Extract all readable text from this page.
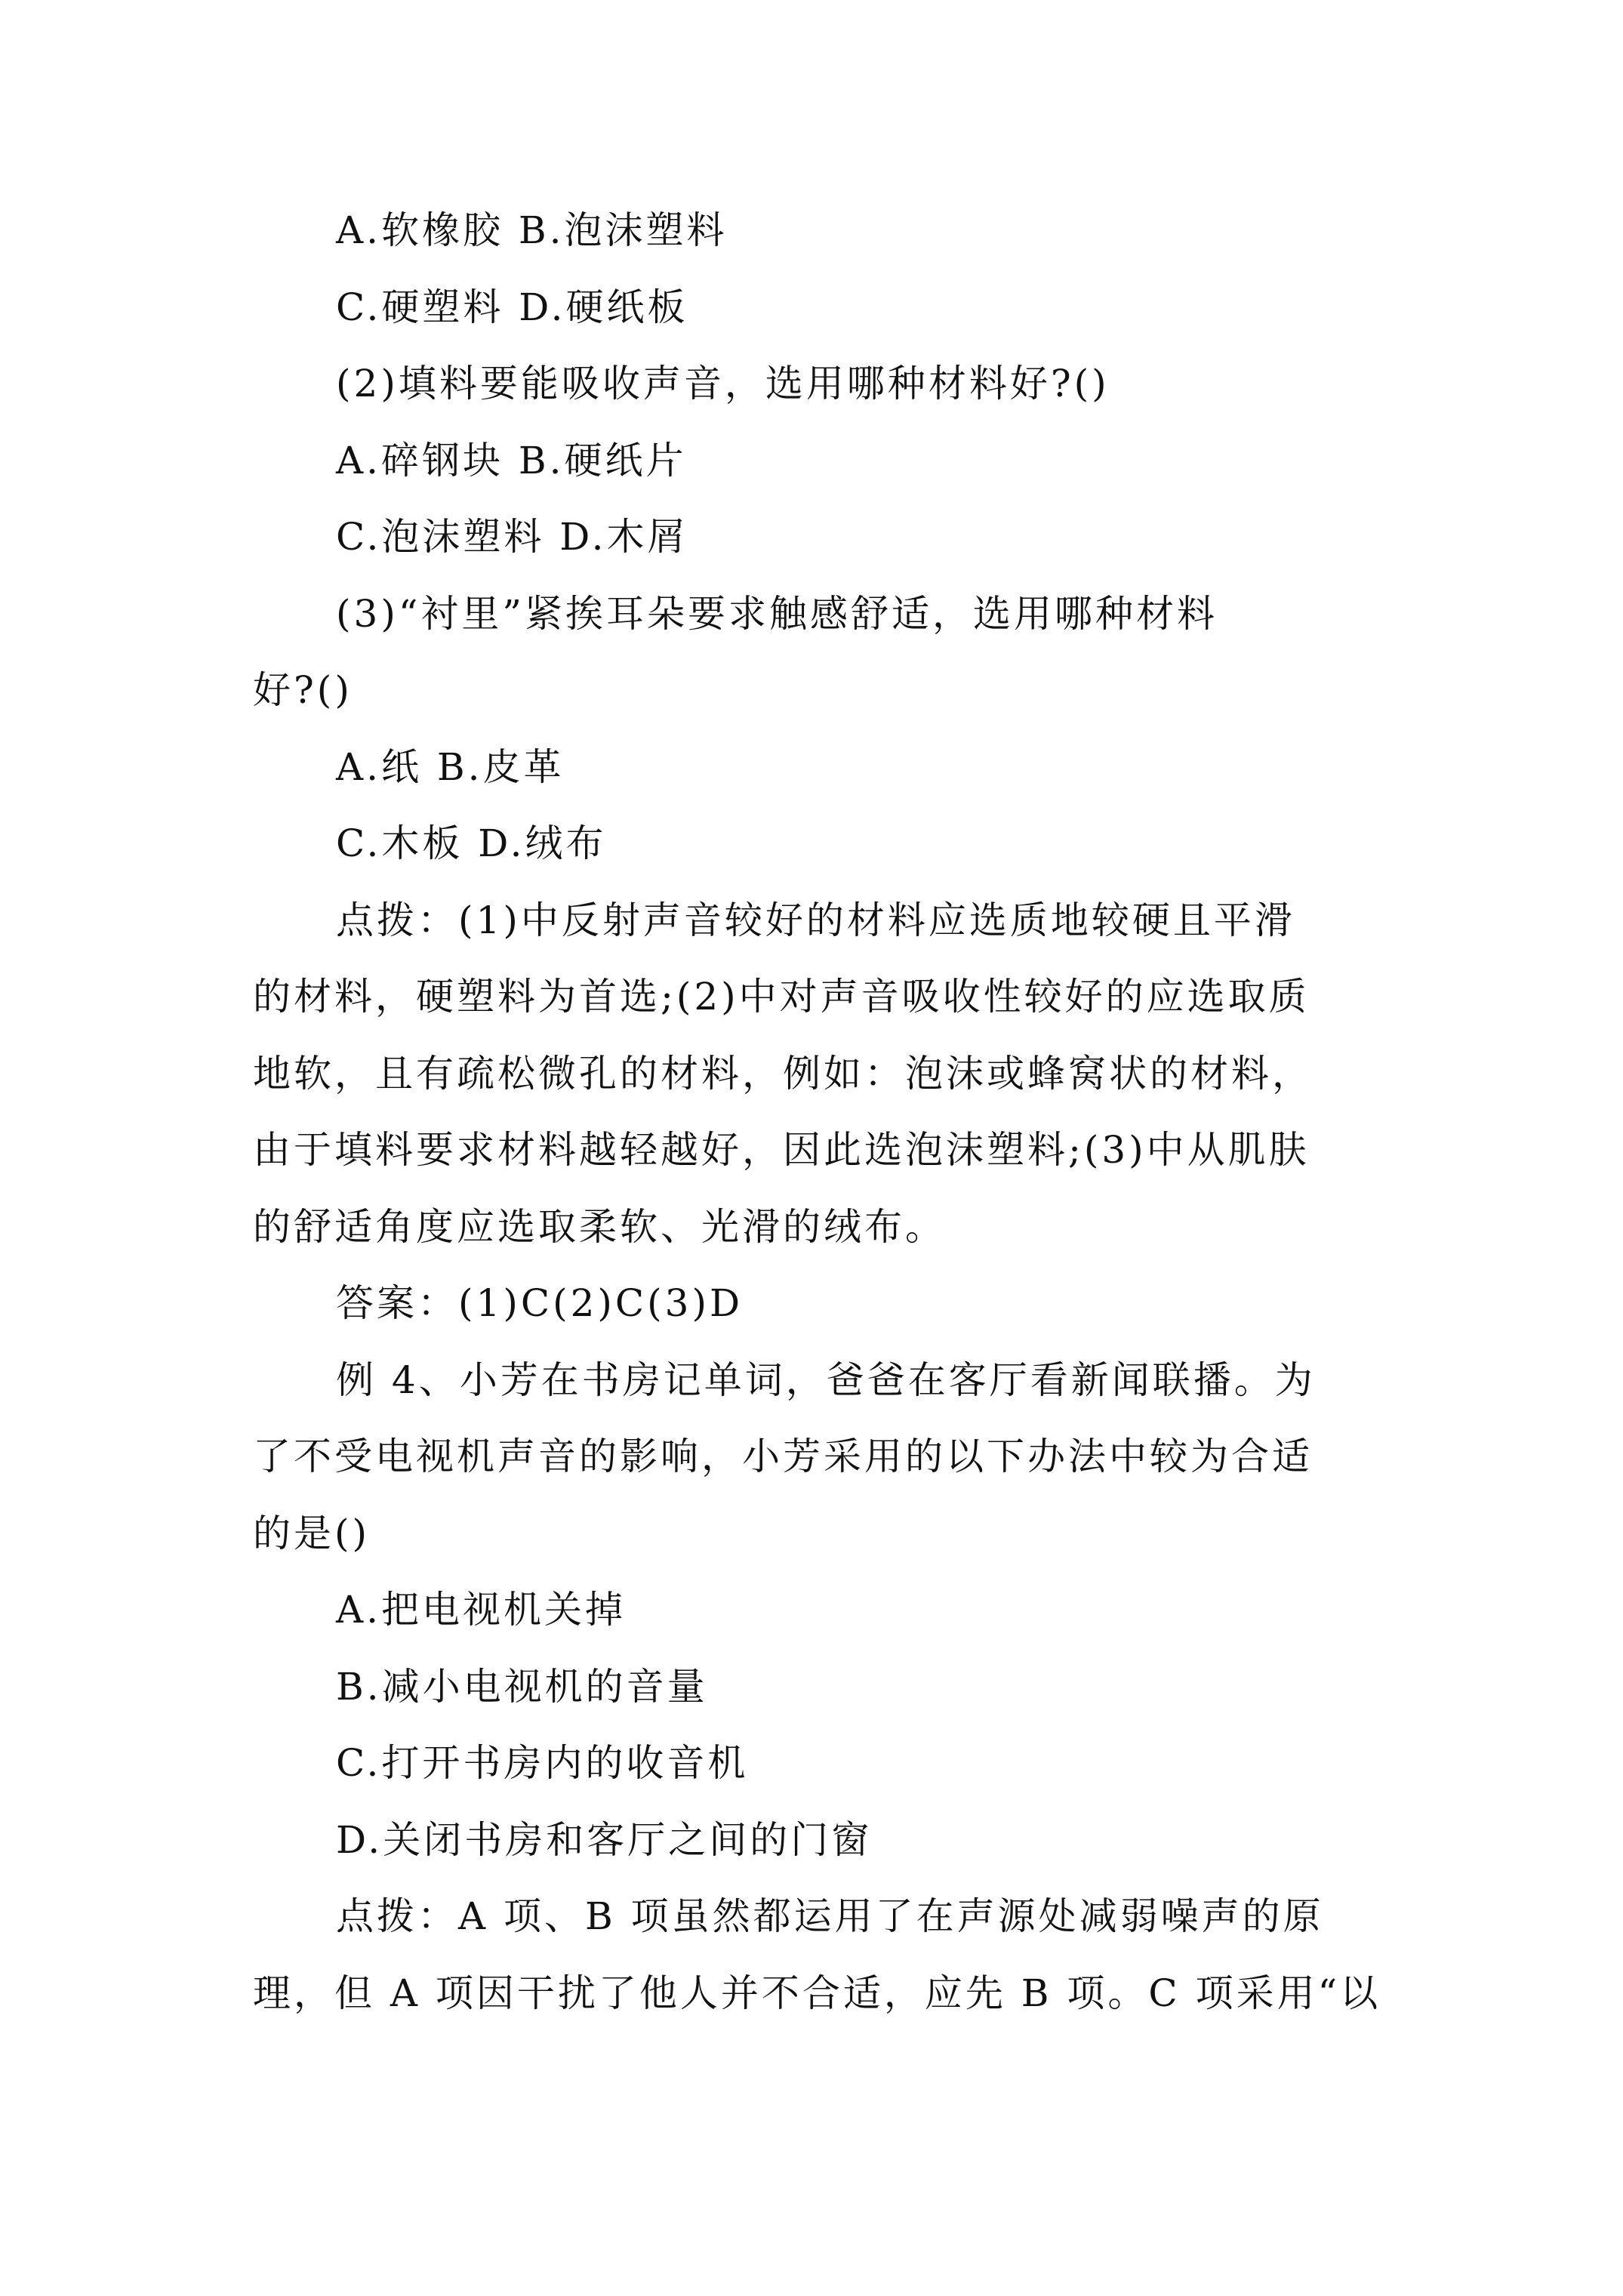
A.软橡胶 B.泡沫塑料
C.硬塑料 D.硬纸板
(2)填料要能吸收声音，选用哪种材料好?()
A.碎钢块 B.硬纸片
C.泡沫塑料 D.木屑
(3)“衬里”紧挨耳朵要求触感舒适，选用哪种材料
好?()
A.纸 B.皮革
C.木板 D.绒布
点拨：(1)中反射声音较好的材料应选质地较硬且平滑
的材料，硬塑料为首选;(2)中对声音吸收性较好的应选取质
地软，且有疏松微孔的材料，例如：泡沫或蜂窝状的材料，
由于填料要求材料越轻越好，因此选泡沫塑料;(3)中从肌肤
的舒适角度应选取柔软、光滑的绒布。
答案：(1)C(2)C(3)D
例 4、小芳在书房记单词，爸爸在客厅看新闻联播。为
了不受电视机声音的影响，小芳采用的以下办法中较为合适
的是()
A.把电视机关掉
B.减小电视机的音量
C.打开书房内的收音机
D.关闭书房和客厅之间的门窗
点拨：A 项、B 项虽然都运用了在声源处减弱噪声的原
理，但 A 项因干扰了他人并不合适，应先 B 项。C 项采用“以
